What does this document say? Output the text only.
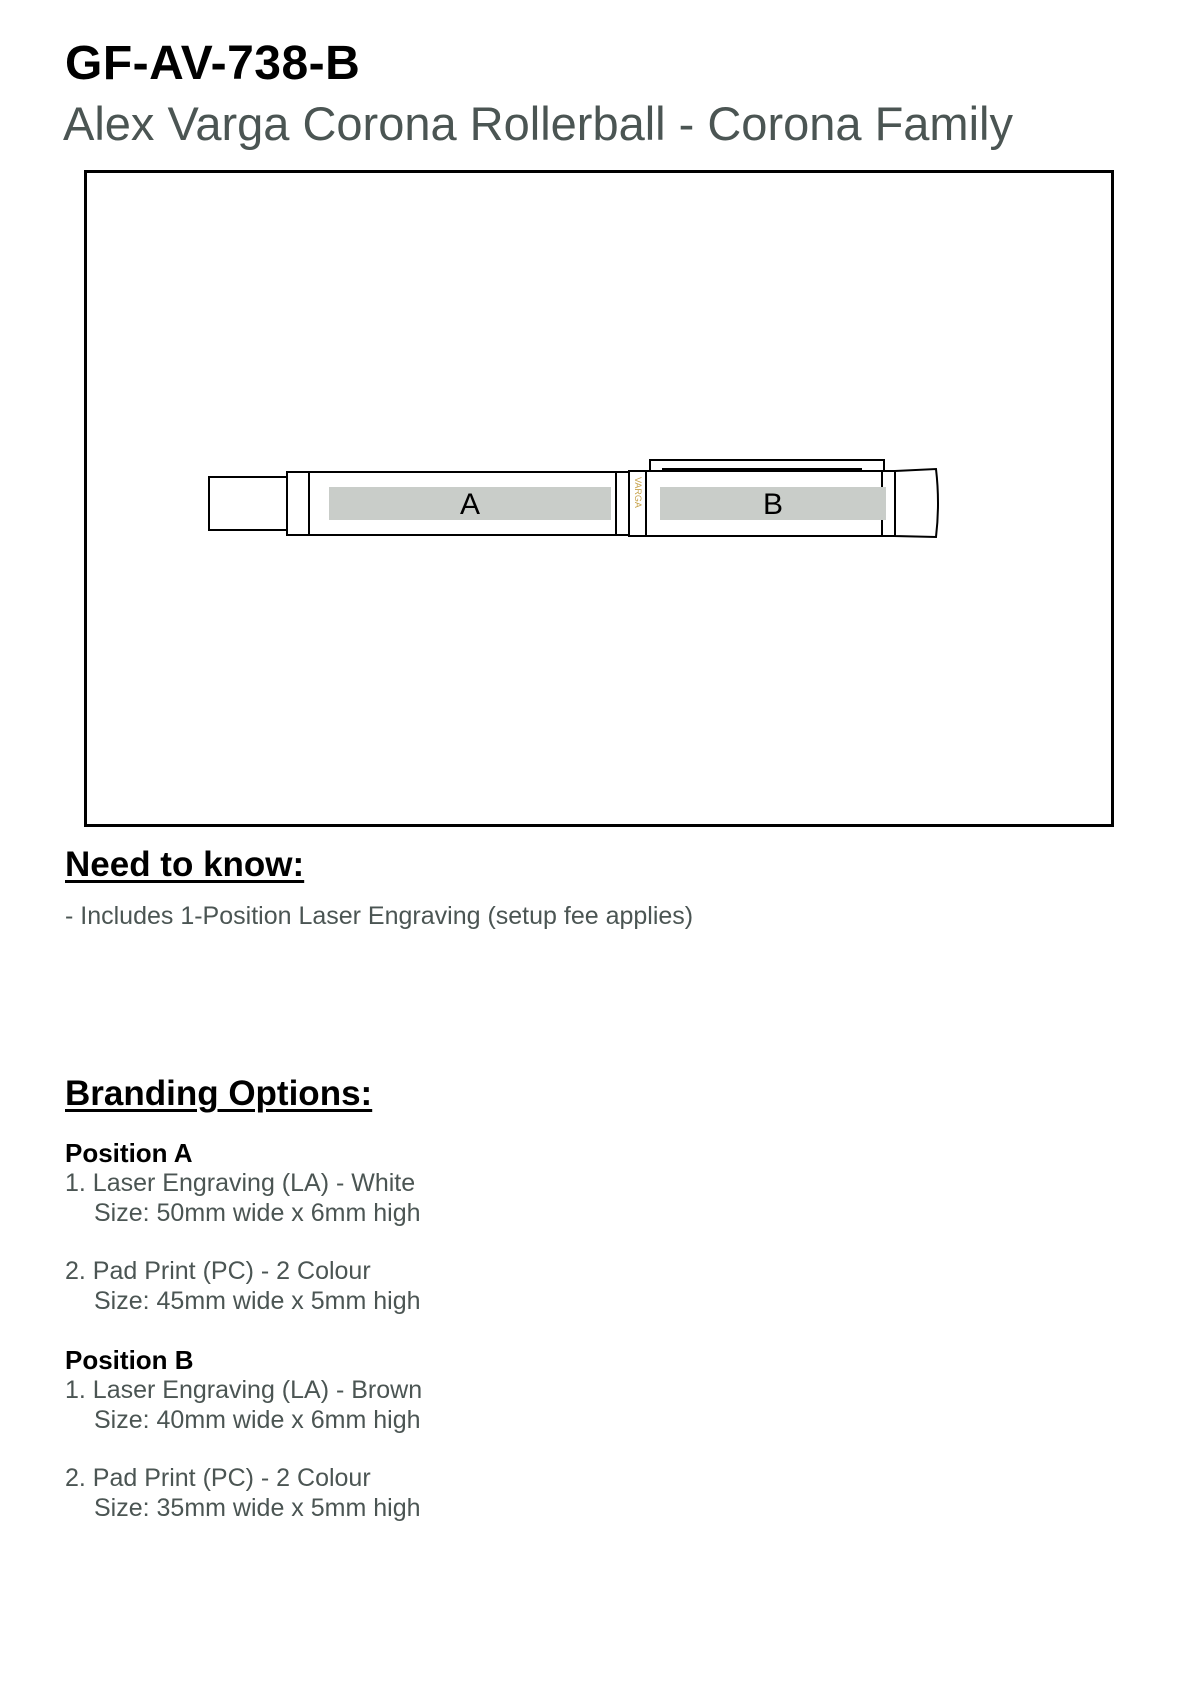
GF-AV-738-B
Alex Varga Corona Rollerball - Corona Family
A	B
VARGA
Need to know:
- Includes 1-Position Laser Engraving (setup fee applies)
Branding Options:
Position A
1. Laser Engraving (LA) - White
Size: 50mm wide x 6mm high
2. Pad Print (PC) - 2 Colour
Size: 45mm wide x 5mm high
Position B
1. Laser Engraving (LA) - Brown
Size: 40mm wide x 6mm high
2. Pad Print (PC) - 2 Colour
Size: 35mm wide x 5mm high
